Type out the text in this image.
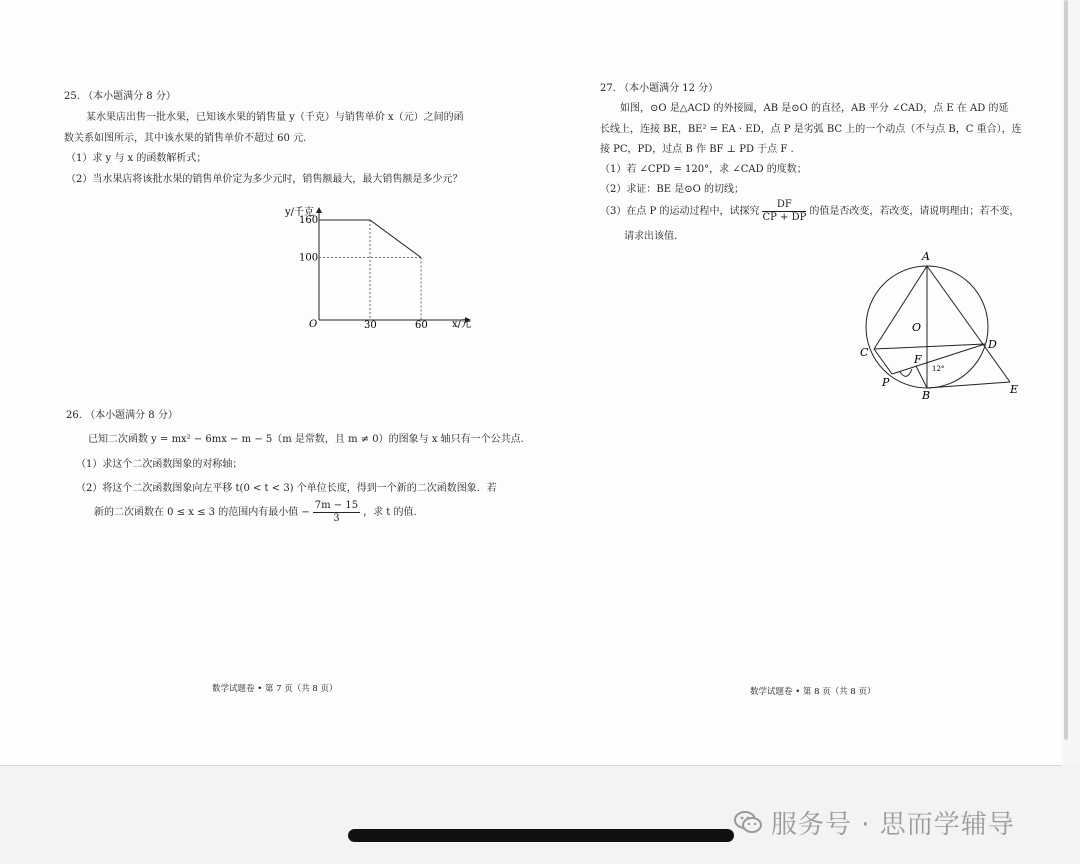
25. （本小题满分 8 分）
某水果店出售一批水果，已知该水果的销售量 y（千克）与销售单价 x（元）之间的函
数关系如图所示，其中该水果的销售单价不超过 60 元.
（1）求 y 与 x 的函数解析式；
（2）当水果店将该批水果的销售单价定为多少元时，销售额最大，最大销售额是多少元？
y/千克
x/元
O	30	60
160
100
26. （本小题满分 8 分）
已知二次函数 y = mx² − 6mx − m − 5（m 是常数，且 m ≠ 0）的图象与 x 轴只有一个公共点.
（1）求这个二次函数图象的对称轴；
（2）将这个二次函数图象向左平移 t(0 < t < 3) 个单位长度，得到一个新的二次函数图象．若
新的二次函数在 0 ≤ x ≤ 3 的范围内有最小值 − $\frac{7m - 15}{3}$ ，求 t 的值.
数学试题卷 • 第 7 页（共 8 页）
27. （本小题满分 12 分）
如图，⊙O 是△ACD 的外接圆，AB 是⊙O 的直径，AB 平分 ∠CAD，点 E 在 AD 的延
长线上，连接 BE，BE² = EA · ED，点 P 是劣弧 BC 上的一个动点（不与点 B，C 重合），连
接 PC，PD，过点 B 作 BF ⊥ PD 于点 F .
（1）若 ∠CPD = 120°，求 ∠CAD 的度数；
（2）求证：BE 是⊙O 的切线；
（3）在点 P 的运动过程中，试探究 $\frac{DF}{CP + DP}$ 的值是否改变，若改变，请说明理由；若不变，
请求出该值.
A
O
C
D
F
12°
P
B	E
数学试题卷 • 第 8 页（共 8 页）
服务号 · 思而学辅导
